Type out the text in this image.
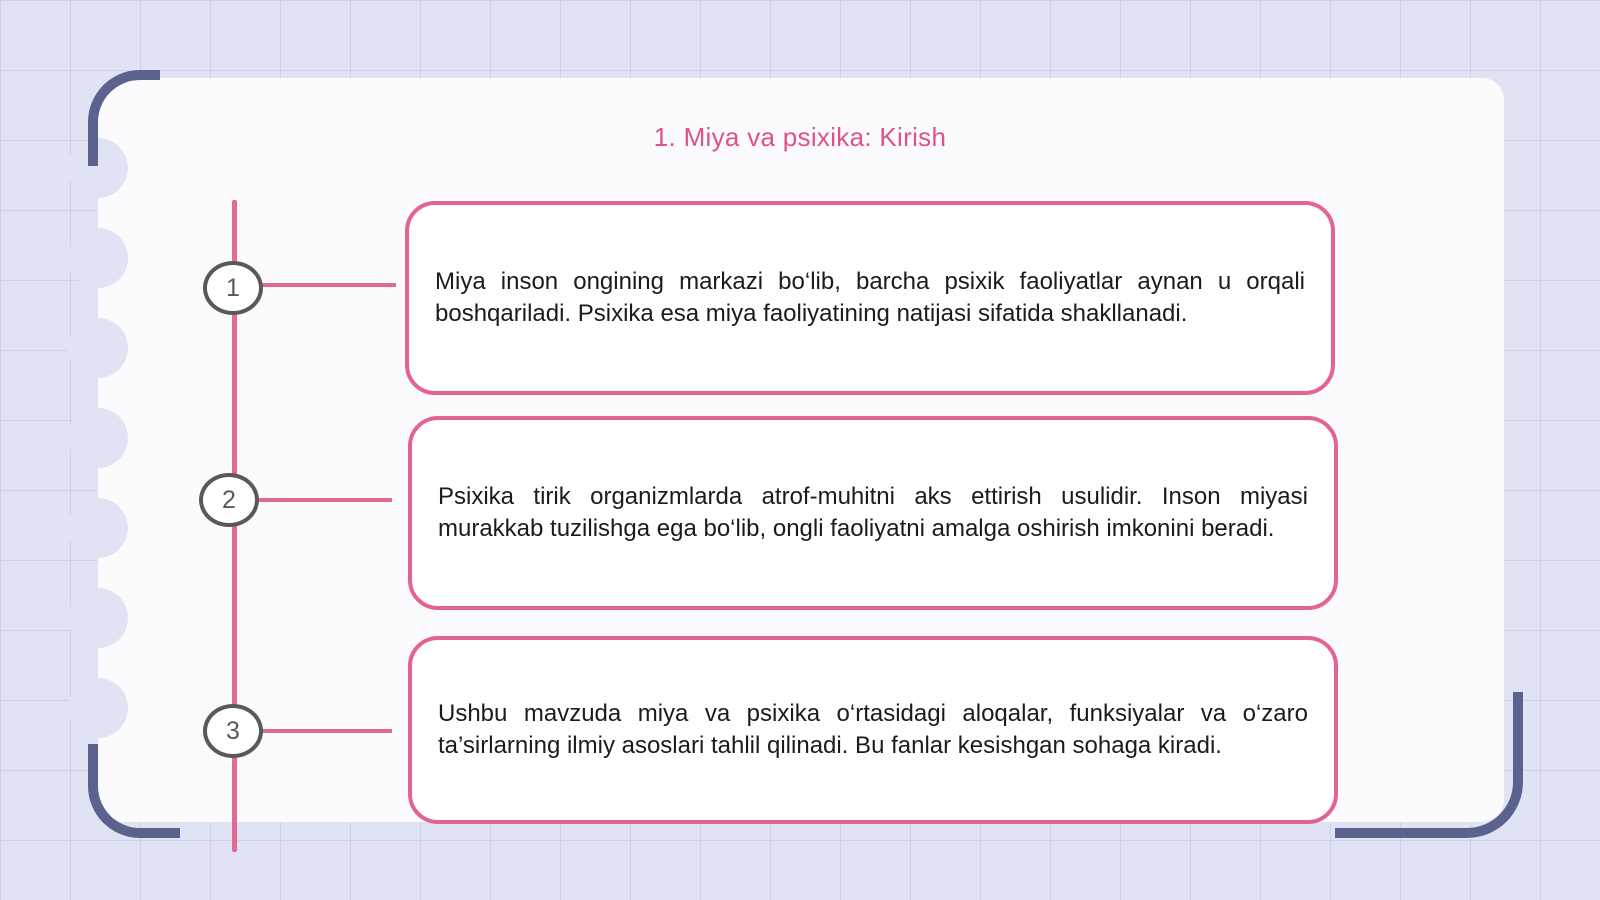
1. Miya va psixika: Kirish
1	Miya inson ongining markazi bo‘lib, barcha psixik faoliyatlar aynan u orqali boshqariladi. Psixika esa miya faoliyatining natijasi sifatida shakllanadi.
2	Psixika tirik organizmlarda atrof-muhitni aks ettirish usulidir. Inson miyasi murakkab tuzilishga ega bo‘lib, ongli faoliyatni amalga oshirish imkonini beradi.
3
Ushbu mavzuda miya va psixika o‘rtasidagi aloqalar, funksiyalar va o‘zaro ta’sirlarning ilmiy asoslari tahlil qilinadi. Bu fanlar kesishgan sohaga kiradi.
